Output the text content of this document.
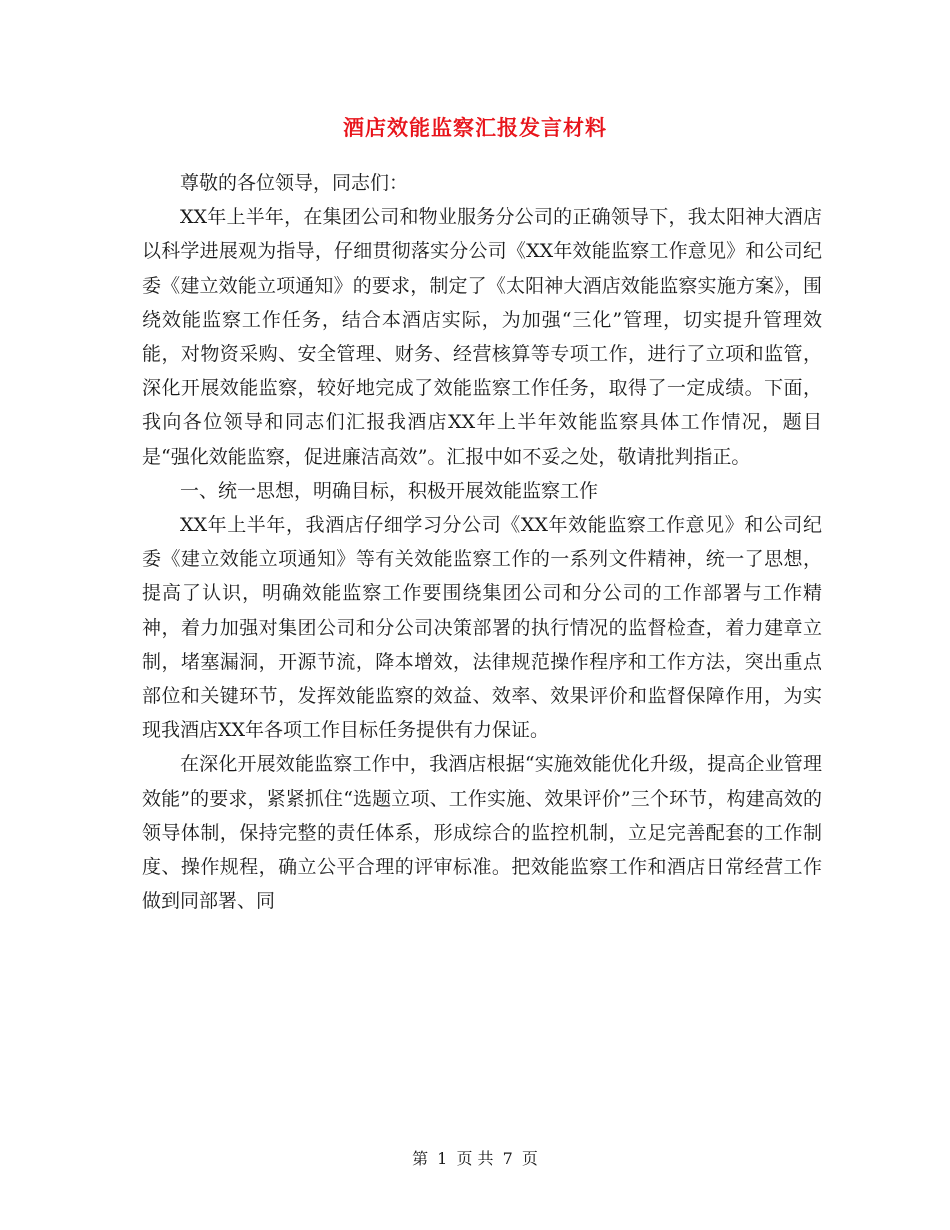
酒店效能监察汇报发言材料

尊敬的各位领导，同志们：

XX年上半年，在集团公司和物业服务分公司的正确领导下，我太阳神大酒店以科学进展观为指导，仔细贯彻落实分公司《XX年效能监察工作意见》和公司纪委《建立效能立项通知》的要求，制定了《太阳神大酒店效能监察实施方案》，围绕效能监察工作任务，结合本酒店实际，为加强“三化”管理，切实提升管理效能，对物资采购、安全管理、财务、经营核算等专项工作，进行了立项和监管，深化开展效能监察，较好地完成了效能监察工作任务，取得了一定成绩。下面，我向各位领导和同志们汇报我酒店XX年上半年效能监察具体工作情况，题目是“强化效能监察，促进廉洁高效”。汇报中如不妥之处，敬请批判指正。

一、统一思想，明确目标，积极开展效能监察工作

XX年上半年，我酒店仔细学习分公司《XX年效能监察工作意见》和公司纪委《建立效能立项通知》等有关效能监察工作的一系列文件精神，统一了思想，提高了认识，明确效能监察工作要围绕集团公司和分公司的工作部署与工作精神，着力加强对集团公司和分公司决策部署的执行情况的监督检查，着力建章立制，堵塞漏洞，开源节流，降本增效，法律规范操作程序和工作方法，突出重点部位和关键环节，发挥效能监察的效益、效率、效果评价和监督保障作用，为实现我酒店XX年各项工作目标任务提供有力保证。

在深化开展效能监察工作中，我酒店根据“实施效能优化升级，提高企业管理效能”的要求，紧紧抓住“选题立项、工作实施、效果评价”三个环节，构建高效的领导体制，保持完整的责任体系，形成综合的监控机制，立足完善配套的工作制度、操作规程，确立公平合理的评审标准。把效能监察工作和酒店日常经营工作做到同部署、同

第 1 页 共 7 页
